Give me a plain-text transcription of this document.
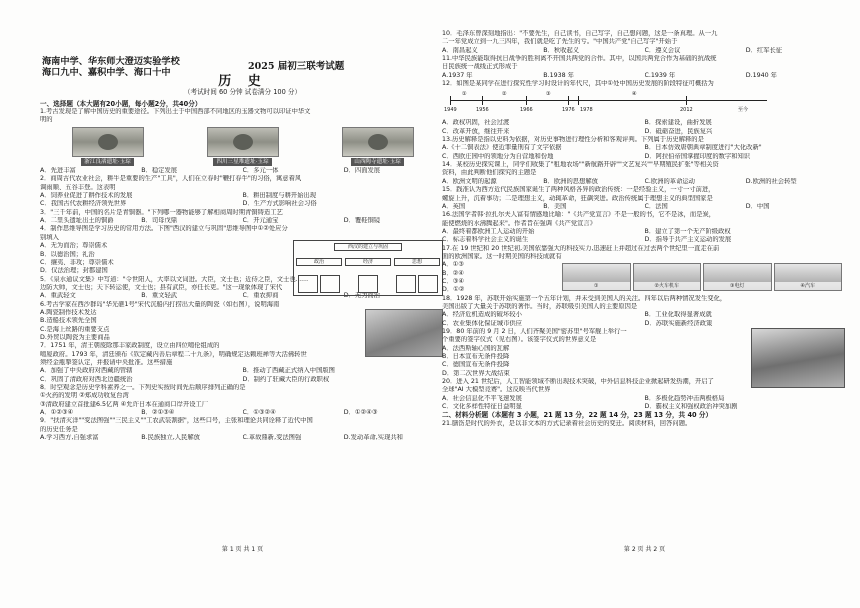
海南中学、华东师大澄迈实验学校
海口九中、嘉积中学、海口十中
2025 届初三联考试题
历 史
（考试时间 60 分钟 试卷满分 100 分）
一、选择题（本大题有20小题，每小题2分，共40分）
1.考古发现是了解中国历史的重要途径。下列出土于中国西部不同地区的玉器文物可以印证中华文
明的
浙江良渚遗址·玉琮	四川三星堆遗址·玉琮	山西陶寺遗址·玉琮
A．先进丰富	B．稳定发展	C．多元一体	D．四面发展
2．商周古代农业社会，耕牛是重要的生产"工具"，人们在立春时"鞭打春牛"的习俗，寓意着风
调雨顺、五谷丰登。这表明
A．饲养业促进了耕作技术的发展	B．耕田制度与耕开始出现
C．我国古代农耕经济领先世界	D．生产方式影响社会习俗
3．"三千年前，中国的名片是青铜器。"下列哪一器物能够了解相商周时期青铜铸造工艺
A．二里头遗址出土的铜爵	B．司母戊鼎	C．开元通宝	D．覆鞋铜镜
4．制作思维导图是学习历史的常用方法。下图"西汉的建立与巩固"思维导图中①②处应分
别填入
西汉的建立与巩固
政治	经济	思想
A．无为而治；尊崇儒术
B．以德治国；礼治
C．攘夷、非攻；尊崇儒术
D．仅法治理；封郡建国
5．《泉水通议文集》中写道："令世阳人，大率以文词进。大臣，文士也；近侍之臣，文士也……
边防大帅，文士也；天下转运使，文士也；县有武臣，亦任长吏。"这一现象体现了宋代
A．重武轻文	B．重文轻武	C．重农抑商	D．无为而治
6.考古学家在西沙群岛"华光礁1号"宋代沉船内打捞出大量的陶瓷（如右图），说明海南
A.陶瓷制作技术发达
B.造船技术领先全国
C.是海上丝路的重要支点
D.外贸以陶瓷为主要商品
7．1751 年，清王朝废除那丰家政制度，设立由四位噶伦组成的
噶厦政府。1793 年，清廷颁布《钦定藏内善后章程二十九条》，明确规定达赖班禅等大活佛转世
须经金瓶掣签认定，并报请中央批准。这些措施
A．加强了中央政府对西藏的管辖	B．推动了西藏正式纳入中国版图
C．巩固了清政府对西北边疆统治	D．制约了驻藏大臣的行政职权
8．时空观念是历史学科素养之一。下列史实按时间先后顺序排列正确的是
①火药的发明 ②郑成功收复台湾
③清政府建立首批建6.5亿两 ④允许日本在通商口岸开设工厂
A．①②③④	B．②①③④	C．①③②④	D．①②④③
9．"扶清灭洋""变法图强""三民主义""工农武装割据"，这些口号，主张和理论共同诠释了近代中国
的历史任务是
A.学习西方,自强求富	B.民族独立,人民解放	C.革故鼎新,变法图强	D.发动革命,实现共和
第 1 页 共 1 页
10．毛泽东曾深刻地指出："不要先生，自己读书，自己写字，自己想问题，这是一条真理。从一九
二一年党成立到一九三四年，我们就是吃了先生的亏。"中国共产党"自己写字"开始于
A．南昌起义	B．秋收起义	C．遵义会议	D．红军长征
11.中华民族能取得抗日战争的胜利离不开国共两党的合作。其中，以国共两党合作为基础的抗战统
日民族统一战线正式形成于
A.1937 年	B.1938 年	C.1939 年	D.1940 年
12．如图是某同学在进行探究性学习时设计的年代尺，其中①处中国历史发展的阶段特征可概括为
1949	1956	1966	1976 1978	2012	至今
①	②	③	④
A．政权巩固，社会过渡	B．探索建设，曲折发展
C．改革开放，继往开来	D．砥砺奋进，民族复兴
13.历史解释是指以史料为依据，对历史事物进行理性分析和客观评判。下列属于历史解释的是
A.《十二铜表法》使近罪量刑有了文字依据	B．日本仿效唐朝典章制度进行"大化改新"
C．西欧庄园中的领地分为自营地和份地	D．阿拉伯帝国掌握印度的数字和知识
14．某校历史探究课上，同学们收集了"租地农场""新航路开辟""文艺复兴""早期殖民扩张"等相关资
资料，由此判断他们探究的主题是
A．欧洲文明的起源	B．欧洲的思想解放	C.欧洲的革命运动	D.欧洲的社会转型
15．践准认为西方近代民族国家诞生了两种风格各异的政治传统：一是经验主义，一寸一寸前进，
螺旋上升，沉着事功；二是理想主义，动辄革命，狂飙突进。政治传统属于理想主义的典型国家是
A．英国	B．美国	C．法国	D．中国
16.法国学者韩·拉扎尔夫人富有情感地比喻："《共产党宣言》不是一般的书，它不是冰，而是炭，
能使燃烧的水沸腾起来"。作者旨在强调《共产党宣言》
A．最终着都欧洲工人运动的开始	B．建立了第一个无产阶级政权
C．标志着科学社会主义的诞生	D．指导于共产主义运动的发展
17.在 19 世纪和 20 世纪初,美国依靠强大的科技实力,迅速赶上并超过在过去两个世纪里一直走在前
面的欧洲国家。这一时期美国的科技成就有
①	②火车机车	③电灯	④汽车
A．①③
B．②④
C．③④
D．①②
18．1928 年，苏联开始实施第一个五年计划，并未受到美国人的关注。四年以后两种情况发生变化，
美国出版了大量关于苏联的著作。当时，苏联吸引美国人的主要原因是
A．经济危机造成的破坏较小	B．工业化取得显著成就
C．农业集体化保证城市供应	D．苏联实施新经济政策
19．80 年前的 9 月 2 日，人们齐聚美国"密苏里"号军舰上举行一
个重要的签字仪式（见右图）。该签字仪式的世界意义是
A．法西斯轴心国的瓦解
B．日本宣布无条件投降
C．德国宣布无条件投降
D．第二次世界大战结束
20．进入 21 世纪后，人工智能领域不断出现技术突破，中外信息科技企业掀起研发热潮，开启了
全球"AI 大模型竞赛"。这反映当代世界
A．社会信息化不平飞速发展	B．多极化趋势冲击两极格局
C．文化多样性特征日益明显	D．霸权主义和强权政治冲突加剧
二、材料分析题（本题有 3 小题，21 题 13 分，22 题 14 分，23 题 13 分，共 40 分）
21.膳饬是时代的外衣，是以非文本的方式记录着社会历史的变迁。阅读材料，回答问题。
第 2 页 共 2 页
